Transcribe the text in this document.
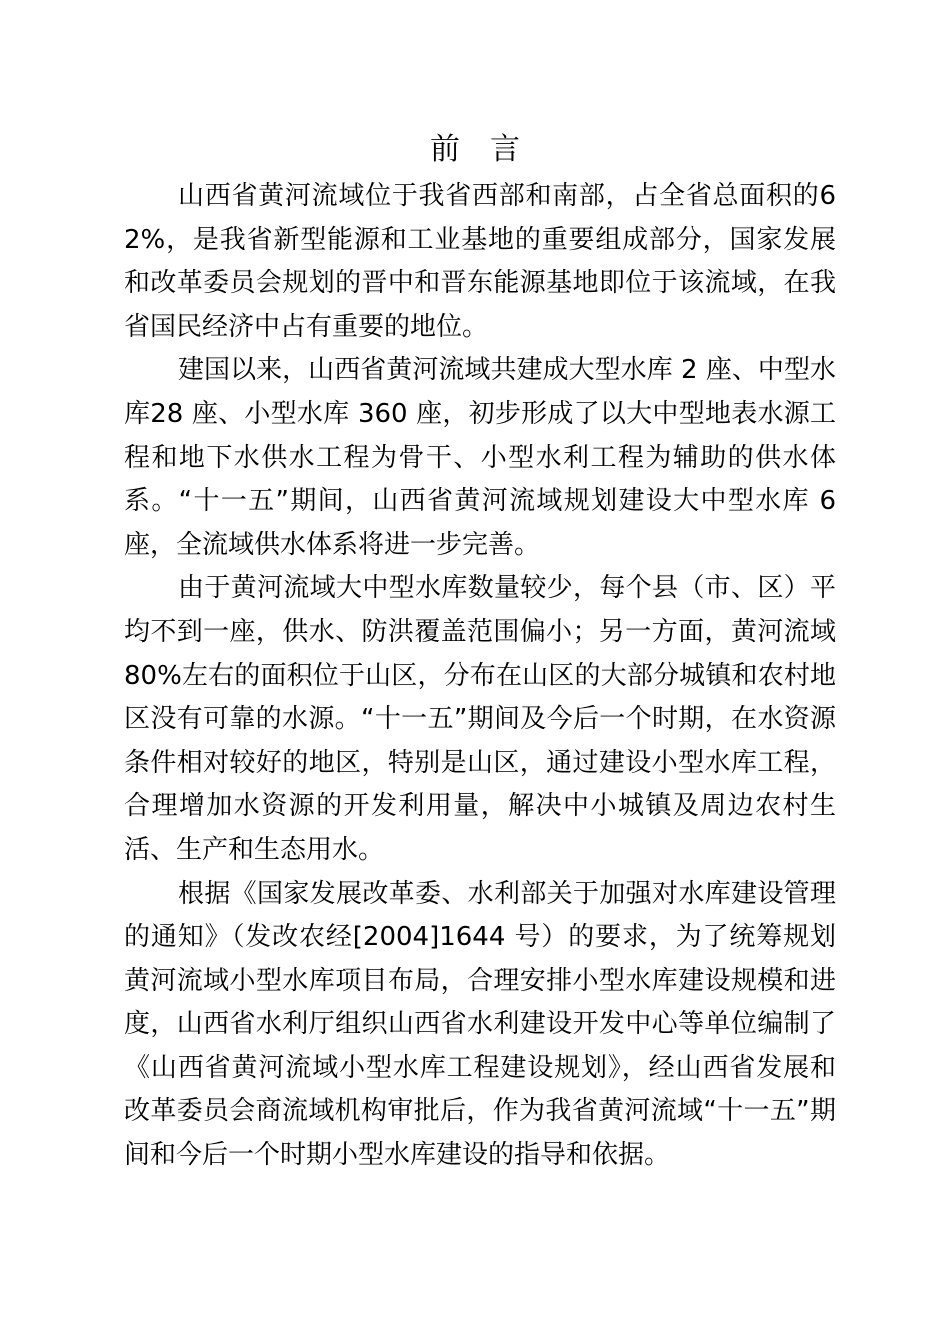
前言

山西省黄河流域位于我省西部和南部，占全省总面积的62%，是我省新型能源和工业基地的重要组成部分，国家发展和改革委员会规划的晋中和晋东能源基地即位于该流域，在我省国民经济中占有重要的地位。

建国以来，山西省黄河流域共建成大型水库 2 座、中型水库28 座、小型水库 360 座，初步形成了以大中型地表水源工程和地下水供水工程为骨干、小型水利工程为辅助的供水体系。“十一五”期间，山西省黄河流域规划建设大中型水库 6 座，全流域供水体系将进一步完善。

由于黄河流域大中型水库数量较少，每个县（市、区）平均不到一座，供水、防洪覆盖范围偏小；另一方面，黄河流域 80%左右的面积位于山区，分布在山区的大部分城镇和农村地区没有可靠的水源。“十一五”期间及今后一个时期，在水资源条件相对较好的地区，特别是山区，通过建设小型水库工程，合理增加水资源的开发利用量，解决中小城镇及周边农村生活、生产和生态用水。

根据《国家发展改革委、水利部关于加强对水库建设管理的通知》（发改农经[2004]1644 号）的要求，为了统筹规划黄河流域小型水库项目布局，合理安排小型水库建设规模和进度，山西省水利厅组织山西省水利建设开发中心等单位编制了《山西省黄河流域小型水库工程建设规划》，经山西省发展和改革委员会商流域机构审批后，作为我省黄河流域“十一五”期间和今后一个时期小型水库建设的指导和依据。
